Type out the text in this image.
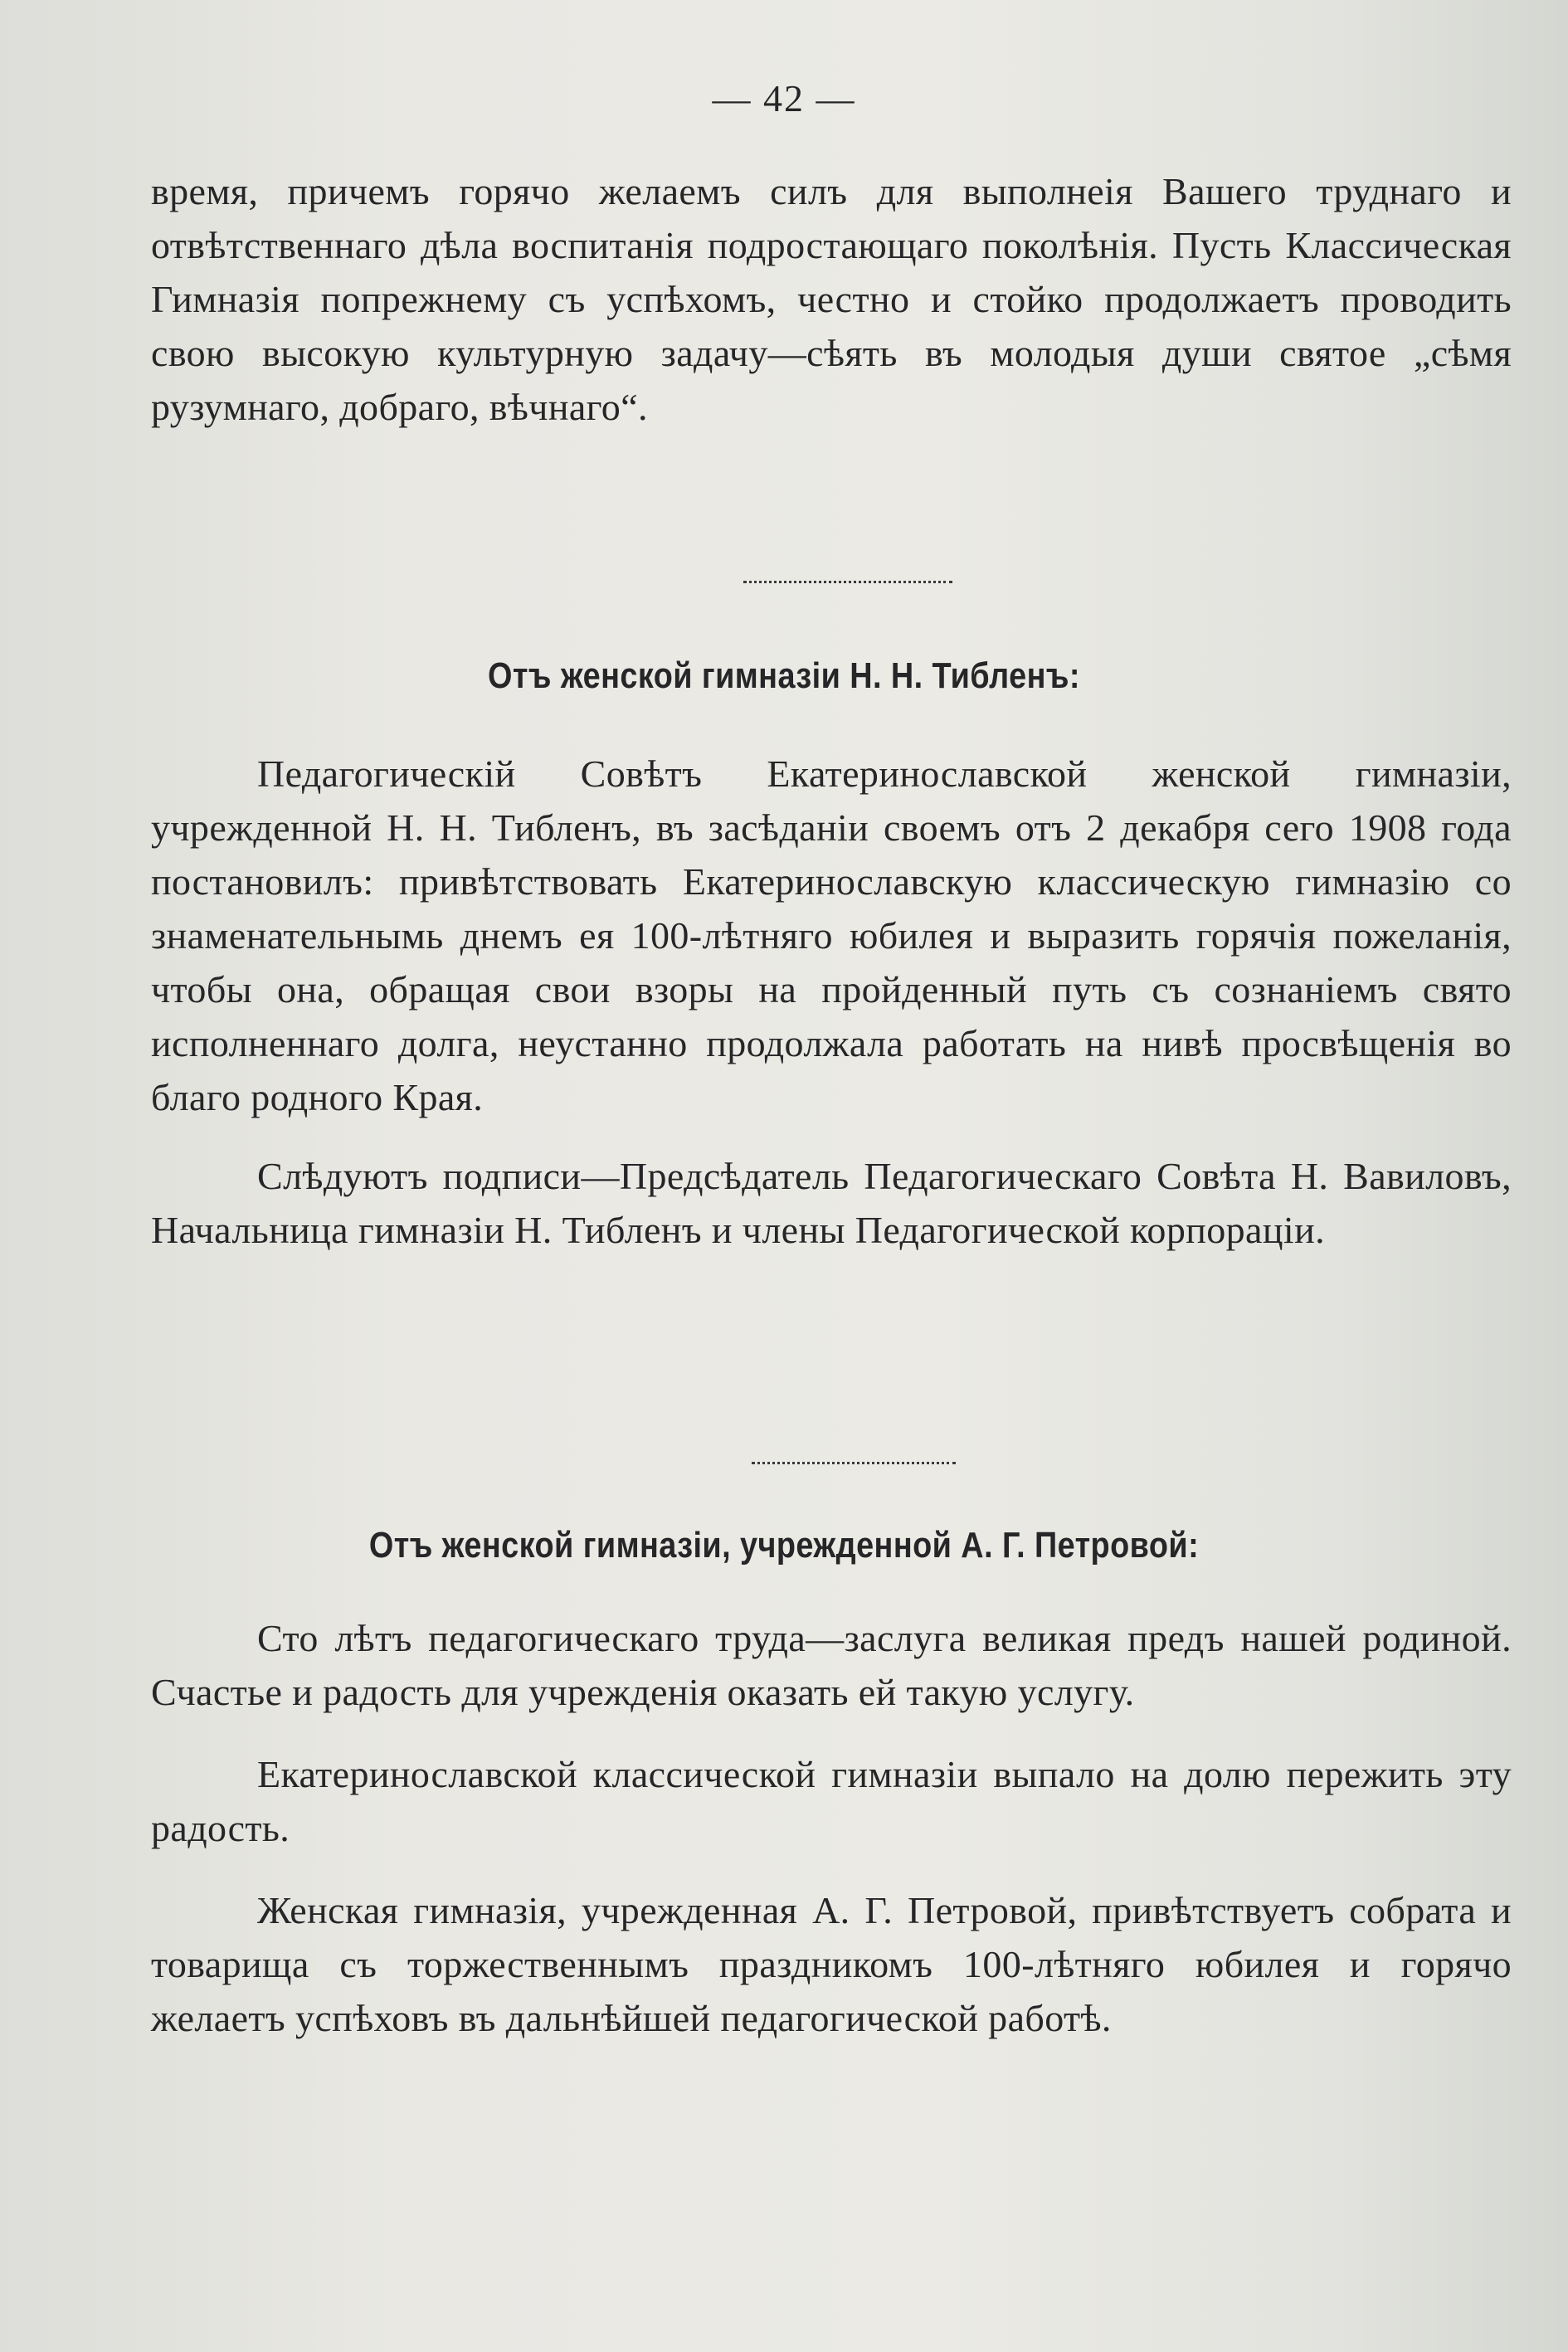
— 42 —

время, причемъ горячо желаемъ силъ для выполнеія Вашего труднаго и отвѣтственнаго дѣла воспитанія подростающаго поколѣнія. Пусть Классическая Гимназія попрежнему съ успѣхомъ, честно и стойко продолжаетъ проводить свою высокую культурную задачу—сѣять въ молодыя души святое „сѣмя рузумнаго, добраго, вѣчнаго“.

Отъ женской гимназіи Н. Н. Тибленъ:

Педагогическій Совѣтъ Екатеринославской женской гимназіи, учрежденной Н. Н. Тибленъ, въ засѣданіи своемъ отъ 2 декабря сего 1908 года постановилъ: привѣтствовать Екатеринославскую классическую гимназію со знаменательнымь днемъ ея 100-лѣтняго юбилея и выразить горячія пожеланія, чтобы она, обращая свои взоры на пройденный путь съ сознаніемъ свято исполненнаго долга, неустанно продолжала работать на нивѣ просвѣщенія во благо родного Края.

Слѣдуютъ подписи—Предсѣдатель Педагогическаго Совѣта Н. Вавиловъ, Начальница гимназіи Н. Тибленъ и члены Педагогической корпораціи.

Отъ женской гимназіи, учрежденной А. Г. Петровой:

Сто лѣтъ педагогическаго труда—заслуга великая предъ нашей родиной. Счастье и радость для учрежденія оказать ей такую услугу.

Екатеринославской классической гимназіи выпало на долю пережить эту радость.

Женская гимназія, учрежденная А. Г. Петровой, привѣтствуетъ собрата и товарища съ торжественнымъ праздникомъ 100-лѣтняго юбилея и горячо желаетъ успѣховъ въ дальнѣйшей педагогической работѣ.
